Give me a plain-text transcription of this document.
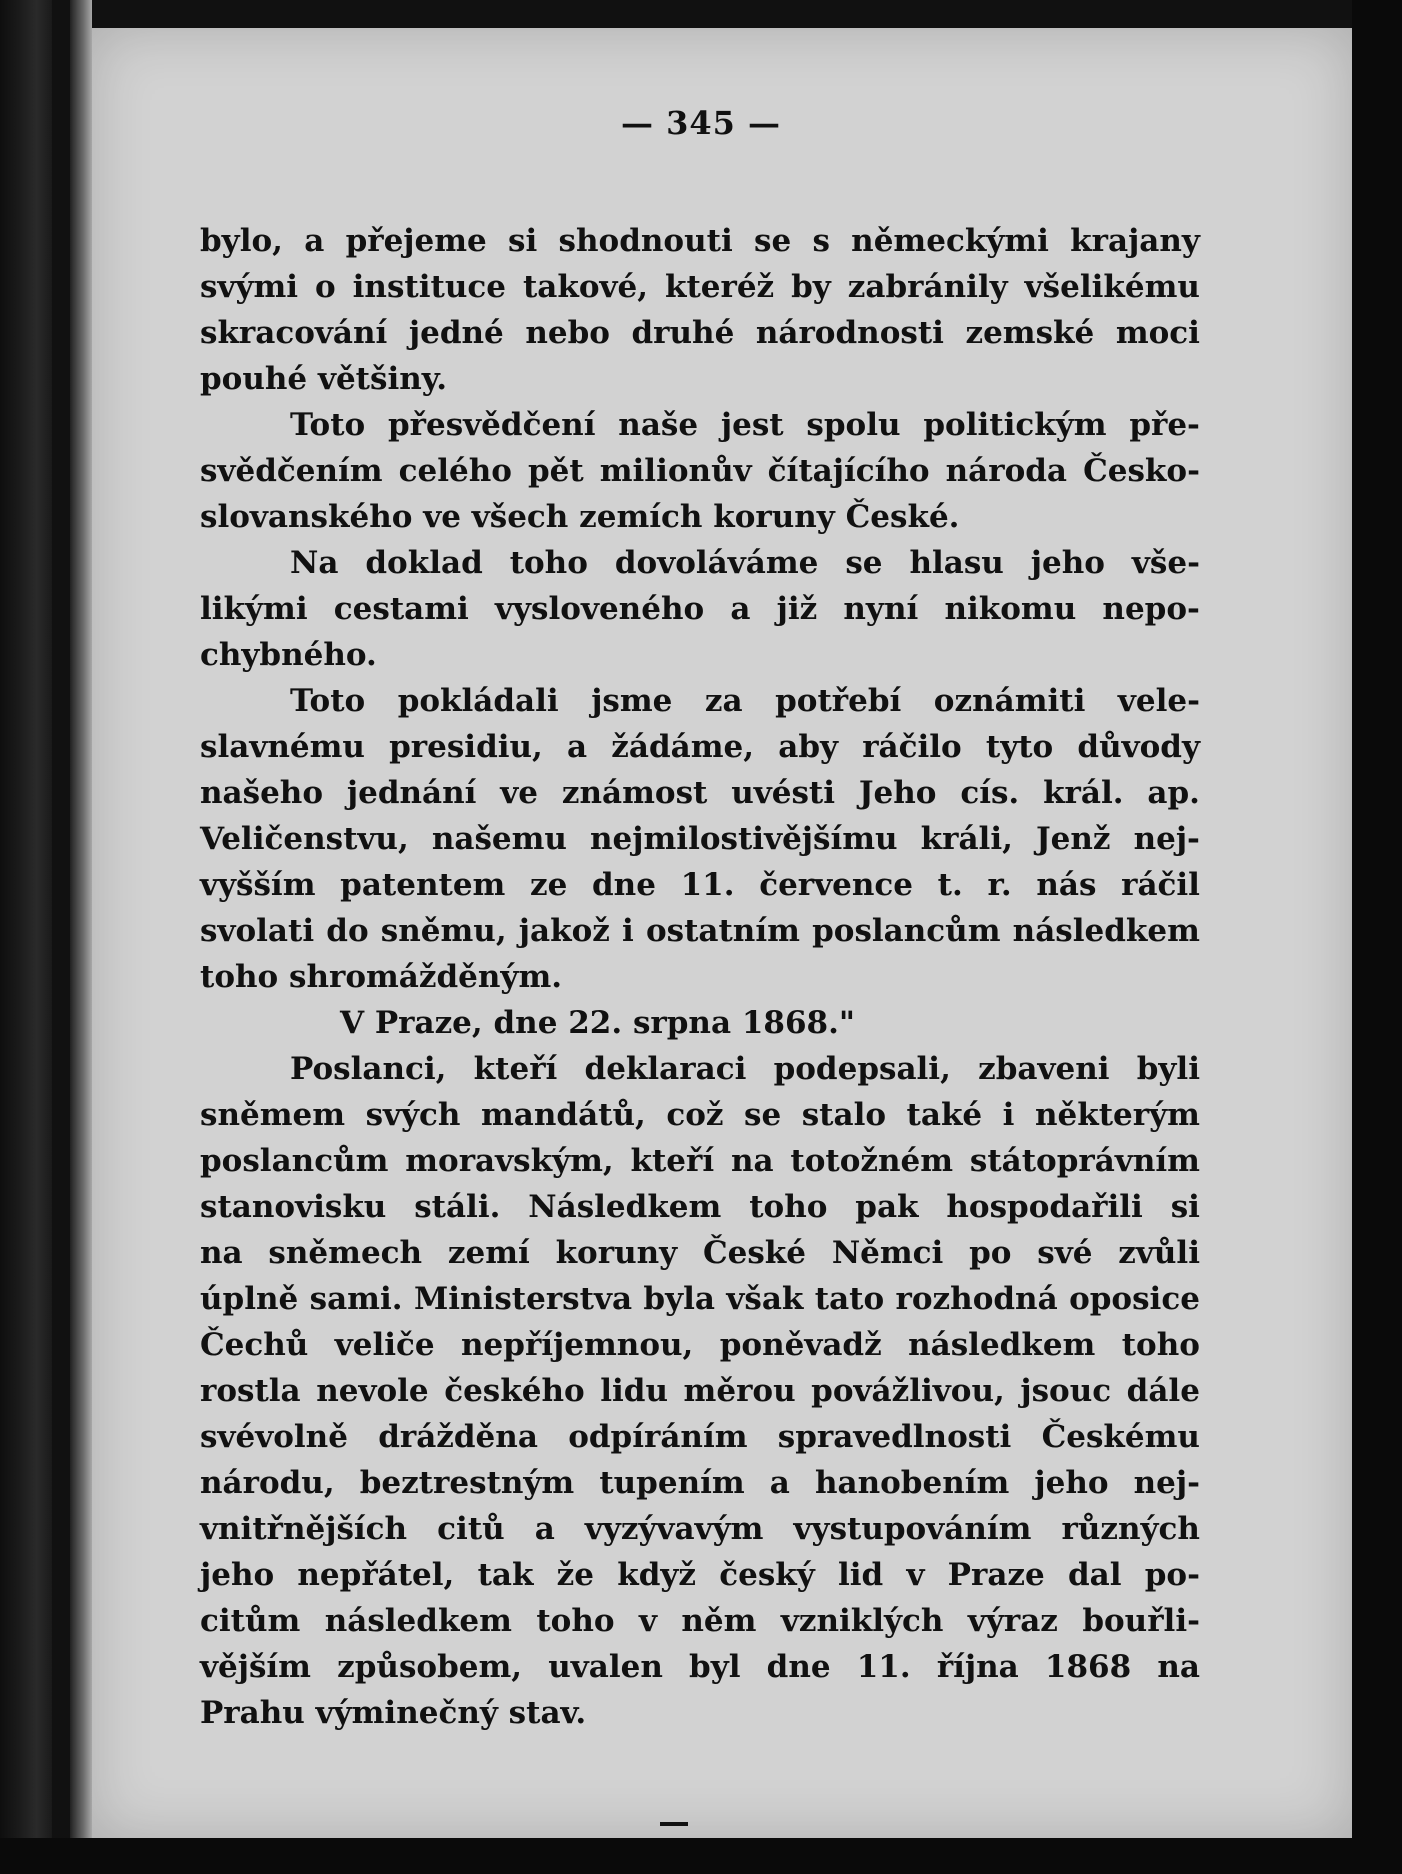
— 345 —
bylo, a přejeme si shodnouti se s německými krajany
svými o instituce takové, kteréž by zabránily všelikému
skracování jedné nebo druhé národnosti zemské moci
pouhé většiny.
Toto přesvědčení naše jest spolu politickým pře-
svědčením celého pět milionův čítajícího národa Česko-
slovanského ve všech zemích koruny České.
Na doklad toho dovoláváme se hlasu jeho vše-
likými cestami vysloveného a již nyní nikomu nepo-
chybného.
Toto pokládali jsme za potřebí oznámiti vele-
slavnému presidiu, a žádáme, aby ráčilo tyto důvody
našeho jednání ve známost uvésti Jeho cís. král. ap.
Veličenstvu, našemu nejmilostivějšímu králi, Jenž nej-
vyšším patentem ze dne 11. července t. r. nás ráčil
svolati do sněmu, jakož i ostatním poslancům následkem
toho shromážděným.
V Praze, dne 22. srpna 1868."
Poslanci, kteří deklaraci podepsali, zbaveni byli
sněmem svých mandátů, což se stalo také i některým
poslancům moravským, kteří na totožném státoprávním
stanovisku stáli. Následkem toho pak hospodařili si
na sněmech zemí koruny České Němci po své zvůli
úplně sami. Ministerstva byla však tato rozhodná oposice
Čechů veliče nepříjemnou, poněvadž následkem toho
rostla nevole českého lidu měrou povážlivou, jsouc dále
svévolně drážděna odpíráním spravedlnosti Českému
národu, beztrestným tupením a hanobením jeho nej-
vnitřnějších citů a vyzývavým vystupováním různých
jeho nepřátel, tak že když český lid v Praze dal po-
citům následkem toho v něm vzniklých výraz bouřli-
vějším způsobem, uvalen byl dne 11. října 1868 na
Prahu výminečný stav.
